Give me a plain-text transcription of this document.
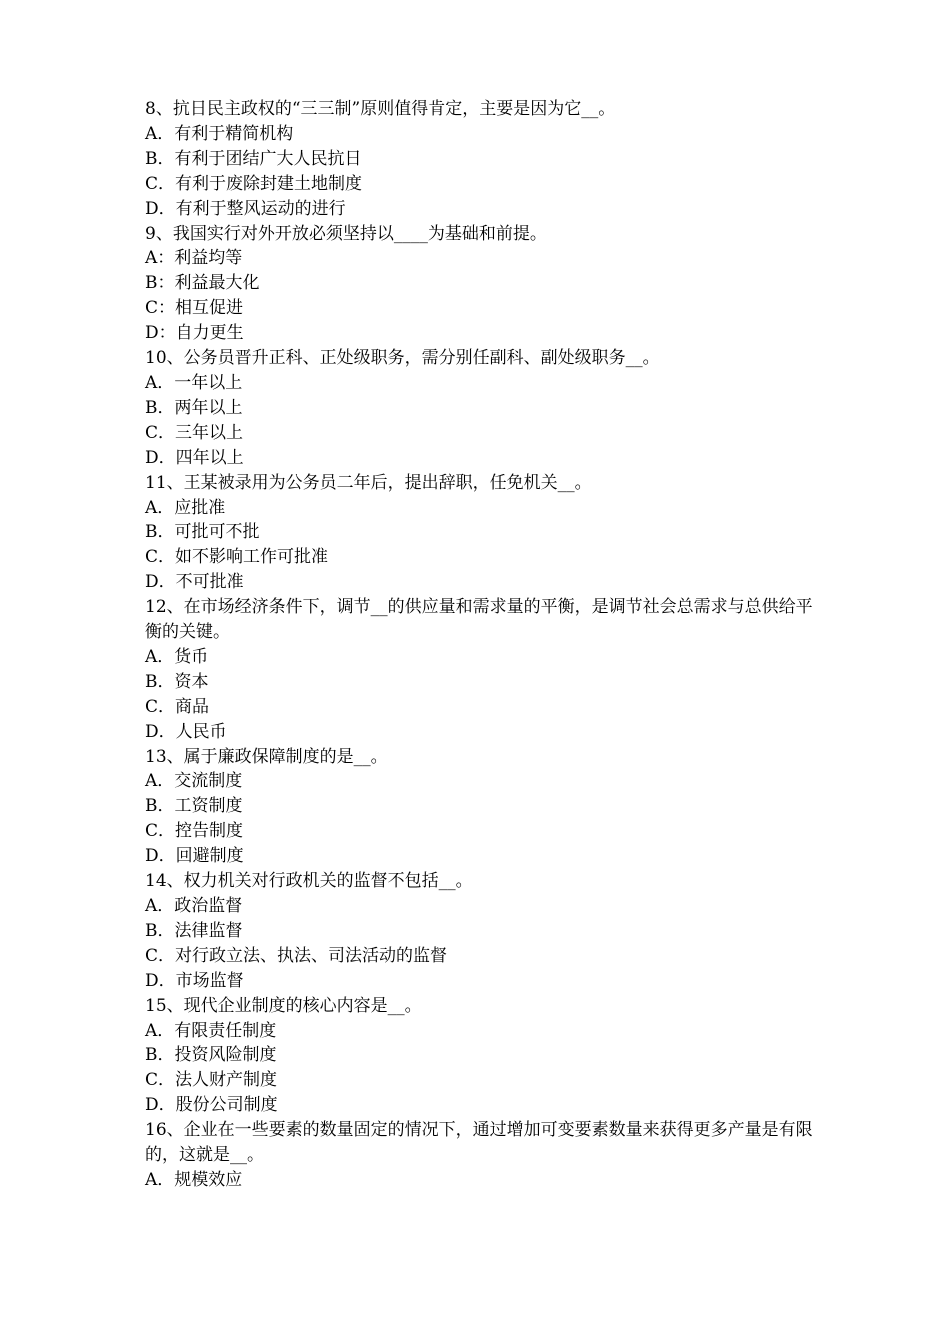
8、抗日民主政权的“三三制”原则值得肯定，主要是因为它__。
A．有利于精简机构
B．有利于团结广大人民抗日
C．有利于废除封建土地制度
D．有利于整风运动的进行
9、我国实行对外开放必须坚持以____为基础和前提。
A：利益均等
B：利益最大化
C：相互促进
D：自力更生
10、公务员晋升正科、正处级职务，需分别任副科、副处级职务__。
A．一年以上
B．两年以上
C．三年以上
D．四年以上
11、王某被录用为公务员二年后，提出辞职，任免机关__。
A．应批准
B．可批可不批
C．如不影响工作可批准
D．不可批准
12、在市场经济条件下，调节__的供应量和需求量的平衡，是调节社会总需求与总供给平衡的关键。
A．货币
B．资本
C．商品
D．人民币
13、属于廉政保障制度的是__。
A．交流制度
B．工资制度
C．控告制度
D．回避制度
14、权力机关对行政机关的监督不包括__。
A．政治监督
B．法律监督
C．对行政立法、执法、司法活动的监督
D．市场监督
15、现代企业制度的核心内容是__。
A．有限责任制度
B．投资风险制度
C．法人财产制度
D．股份公司制度
16、企业在一些要素的数量固定的情况下，通过增加可变要素数量来获得更多产量是有限的，这就是__。
A．规模效应
